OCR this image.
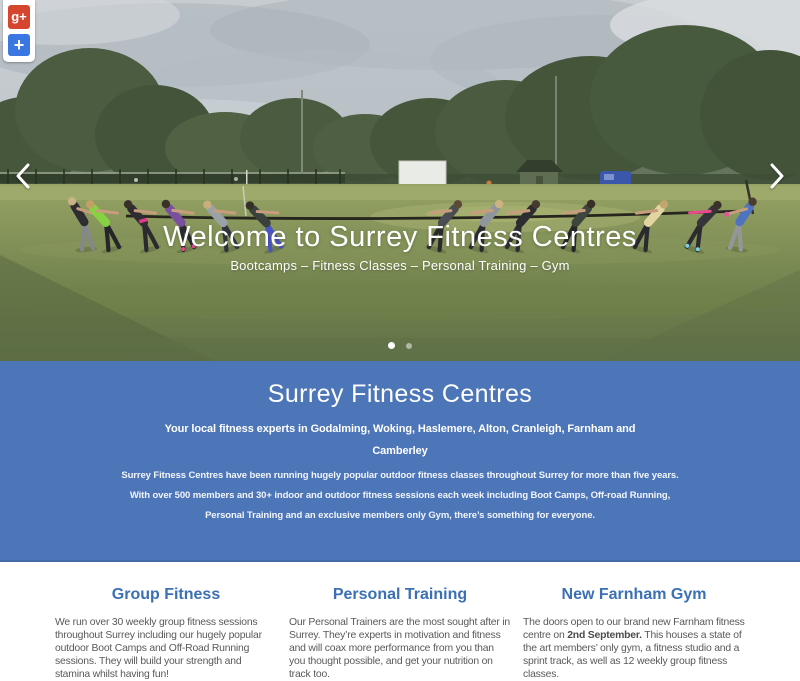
g+
+
Welcome to Surrey Fitness Centres
Bootcamps – Fitness Classes – Personal Training – Gym

Surrey Fitness Centres
Your local fitness experts in Godalming, Woking, Haslemere, Alton, Cranleigh, Farnham and Camberley

Surrey Fitness Centres have been running hugely popular outdoor fitness classes throughout Surrey for more than five years. With over 500 members and 30+ indoor and outdoor fitness sessions each week including Boot Camps, Off-road Running, Personal Training and an exclusive members only Gym, there’s something for everyone.

Group Fitness

We run over 30 weekly group fitness sessions throughout Surrey including our hugely popular outdoor Boot Camps and Off-Road Running sessions. They will build your strength and stamina whilst having fun!

Personal Training

Our Personal Trainers are the most sought after in Surrey. They’re experts in motivation and fitness and will coax more performance from you than you thought possible, and get your nutrition on track too.

New Farnham Gym

The doors open to our brand new Farnham fitness centre on 2nd September. This houses a state of the art members’ only gym, a fitness studio and a sprint track, as well as 12 weekly group fitness classes.
